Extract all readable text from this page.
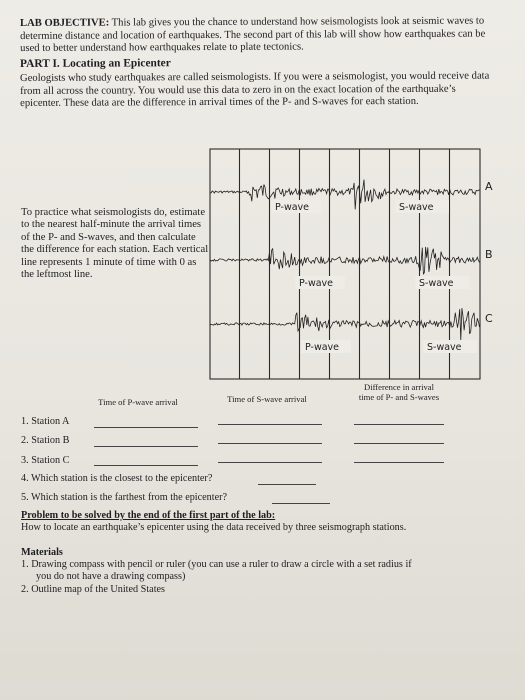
LAB OBJECTIVE: This lab gives you the chance to understand how seismologists look at seismic waves to determine distance and location of earthquakes. The second part of this lab will show how earthquakes can be used to better understand how earthquakes relate to plate tectonics.
PART I. Locating an Epicenter
Geologists who study earthquakes are called seismologists. If you were a seismologist, you would receive data from all across the country. You would use this data to zero in on the exact location of the earthquake’s epicenter. These data are the difference in arrival times of the P- and S-waves for each station.
To practice what seismologists do, estimate to the nearest half-minute the arrival times of the P- and S-waves, and then calculate the difference for each station. Each vertical line represents 1 minute of time with 0 as the leftmost line.
P-wave	S-wave
A
P-wave	S-wave
B
P-wave	S-wave
C
Time of P-wave arrival	Time of S-wave arrival
Difference in arrival
time of P- and S-waves
1. Station A
2. Station B
3. Station C
4. Which station is the closest to the epicenter?
5. Which station is the farthest from the epicenter?
Problem to be solved by the end of the first part of the lab:
How to locate an earthquake’s epicenter using the data received by three seismograph stations.
Materials
1. Drawing compass with pencil or ruler (you can use a ruler to draw a circle with a set radius if
you do not have a drawing compass)
2. Outline map of the United States
